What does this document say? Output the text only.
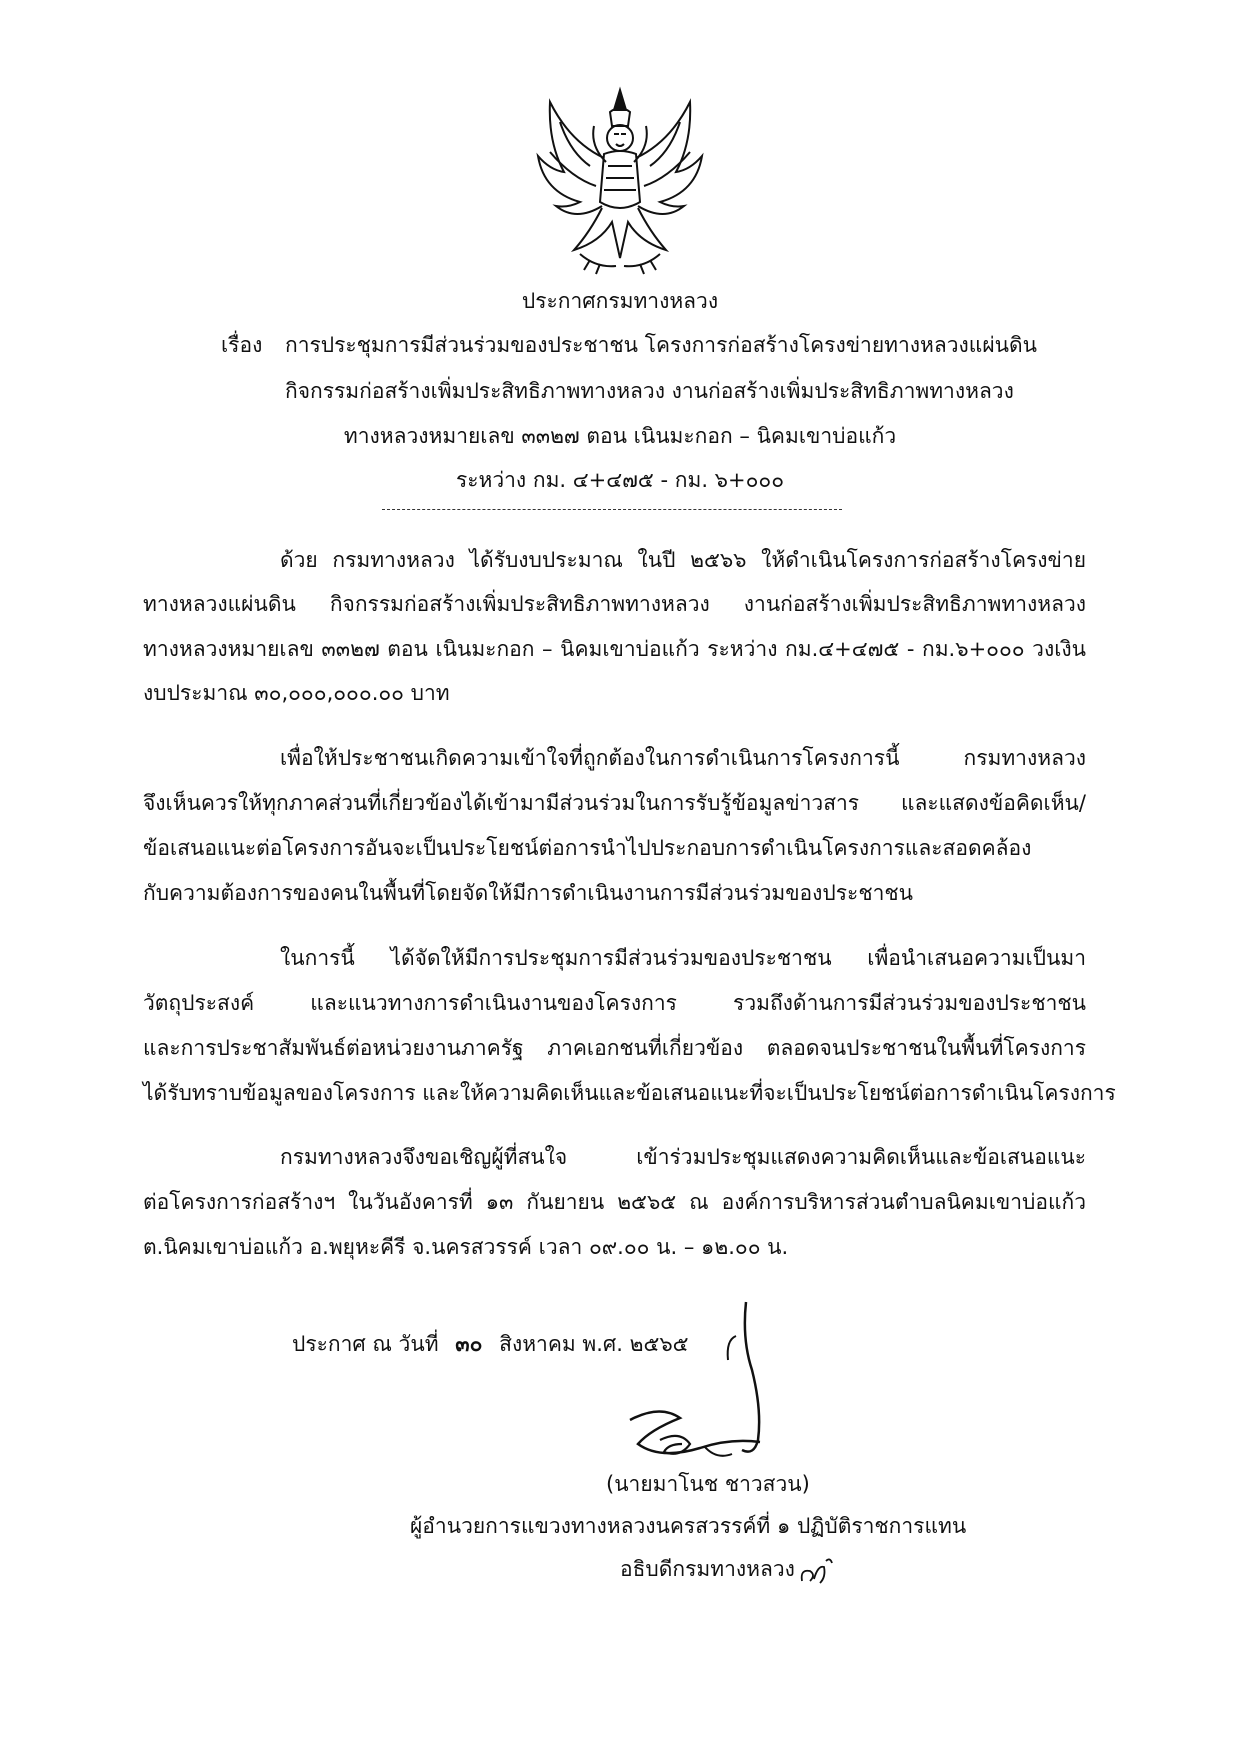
ประกาศกรมทางหลวง
เรื่อง การประชุมการมีส่วนร่วมของประชาชน โครงการก่อสร้างโครงข่ายทางหลวงแผ่นดิน
กิจกรรมก่อสร้างเพิ่มประสิทธิภาพทางหลวง งานก่อสร้างเพิ่มประสิทธิภาพทางหลวง
ทางหลวงหมายเลข ๓๓๒๗ ตอน เนินมะกอก – นิคมเขาบ่อแก้ว
ระหว่าง กม. ๔+๔๗๕ - กม. ๖+๐๐๐
ด้วย กรมทางหลวง ได้รับงบประมาณ ในปี ๒๕๖๖ ให้ดำเนินโครงการก่อสร้างโครงข่าย
ทางหลวงแผ่นดิน กิจกรรมก่อสร้างเพิ่มประสิทธิภาพทางหลวง งานก่อสร้างเพิ่มประสิทธิภาพทางหลวง
ทางหลวงหมายเลข ๓๓๒๗ ตอน เนินมะกอก – นิคมเขาบ่อแก้ว ระหว่าง กม.๔+๔๗๕ - กม.๖+๐๐๐ วงเงิน
งบประมาณ ๓๐,๐๐๐,๐๐๐.๐๐ บาท
เพื่อให้ประชาชนเกิดความเข้าใจที่ถูกต้องในการดำเนินการโครงการนี้ กรมทางหลวง
จึงเห็นควรให้ทุกภาคส่วนที่เกี่ยวข้องได้เข้ามามีส่วนร่วมในการรับรู้ข้อมูลข่าวสาร และแสดงข้อคิดเห็น/
ข้อเสนอแนะต่อโครงการอันจะเป็นประโยชน์ต่อการนำไปประกอบการดำเนินโครงการและสอดคล้อง
กับความต้องการของคนในพื้นที่โดยจัดให้มีการดำเนินงานการมีส่วนร่วมของประชาชน
ในการนี้ ได้จัดให้มีการประชุมการมีส่วนร่วมของประชาชน เพื่อนำเสนอความเป็นมา
วัตถุประสงค์ และแนวทางการดำเนินงานของโครงการ รวมถึงด้านการมีส่วนร่วมของประชาชน
และการประชาสัมพันธ์ต่อหน่วยงานภาครัฐ ภาคเอกชนที่เกี่ยวข้อง ตลอดจนประชาชนในพื้นที่โครงการ
ได้รับทราบข้อมูลของโครงการ และให้ความคิดเห็นและข้อเสนอแนะที่จะเป็นประโยชน์ต่อการดำเนินโครงการ
กรมทางหลวงจึงขอเชิญผู้ที่สนใจ เข้าร่วมประชุมแสดงความคิดเห็นและข้อเสนอแนะ
ต่อโครงการก่อสร้างฯ ในวันอังคารที่ ๑๓ กันยายน ๒๕๖๕ ณ องค์การบริหารส่วนตำบลนิคมเขาบ่อแก้ว
ต.นิคมเขาบ่อแก้ว อ.พยุหะคีรี จ.นครสวรรค์ เวลา ๐๙.๐๐ น. – ๑๒.๐๐ น.
ประกาศ ณ วันที่ ๓๐ สิงหาคม พ.ศ. ๒๕๖๕
(นายมาโนช ชาวสวน)
ผู้อำนวยการแขวงทางหลวงนครสวรรค์ที่ ๑ ปฏิบัติราชการแทน
อธิบดีกรมทางหลวง
